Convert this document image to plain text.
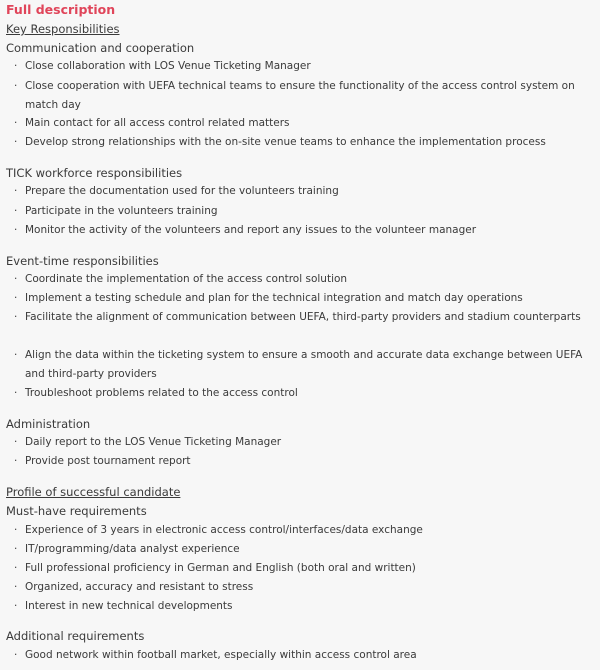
Full description
Key Responsibilities
Communication and cooperation
· Close collaboration with LOS Venue Ticketing Manager
· Close cooperation with UEFA technical teams to ensure the functionality of the access control system on match day
· Main contact for all access control related matters
· Develop strong relationships with the on-site venue teams to enhance the implementation process
TICK workforce responsibilities
· Prepare the documentation used for the volunteers training
· Participate in the volunteers training
· Monitor the activity of the volunteers and report any issues to the volunteer manager
Event-time responsibilities
· Coordinate the implementation of the access control solution
· Implement a testing schedule and plan for the technical integration and match day operations
· Facilitate the alignment of communication between UEFA, third-party providers and stadium counterparts
· Align the data within the ticketing system to ensure a smooth and accurate data exchange between UEFA and third-party providers
· Troubleshoot problems related to the access control
Administration
· Daily report to the LOS Venue Ticketing Manager
· Provide post tournament report
Profile of successful candidate
Must-have requirements
· Experience of 3 years in electronic access control/interfaces/data exchange
· IT/programming/data analyst experience
· Full professional proficiency in German and English (both oral and written)
· Organized, accuracy and resistant to stress
· Interest in new technical developments
Additional requirements
· Good network within football market, especially within access control area
